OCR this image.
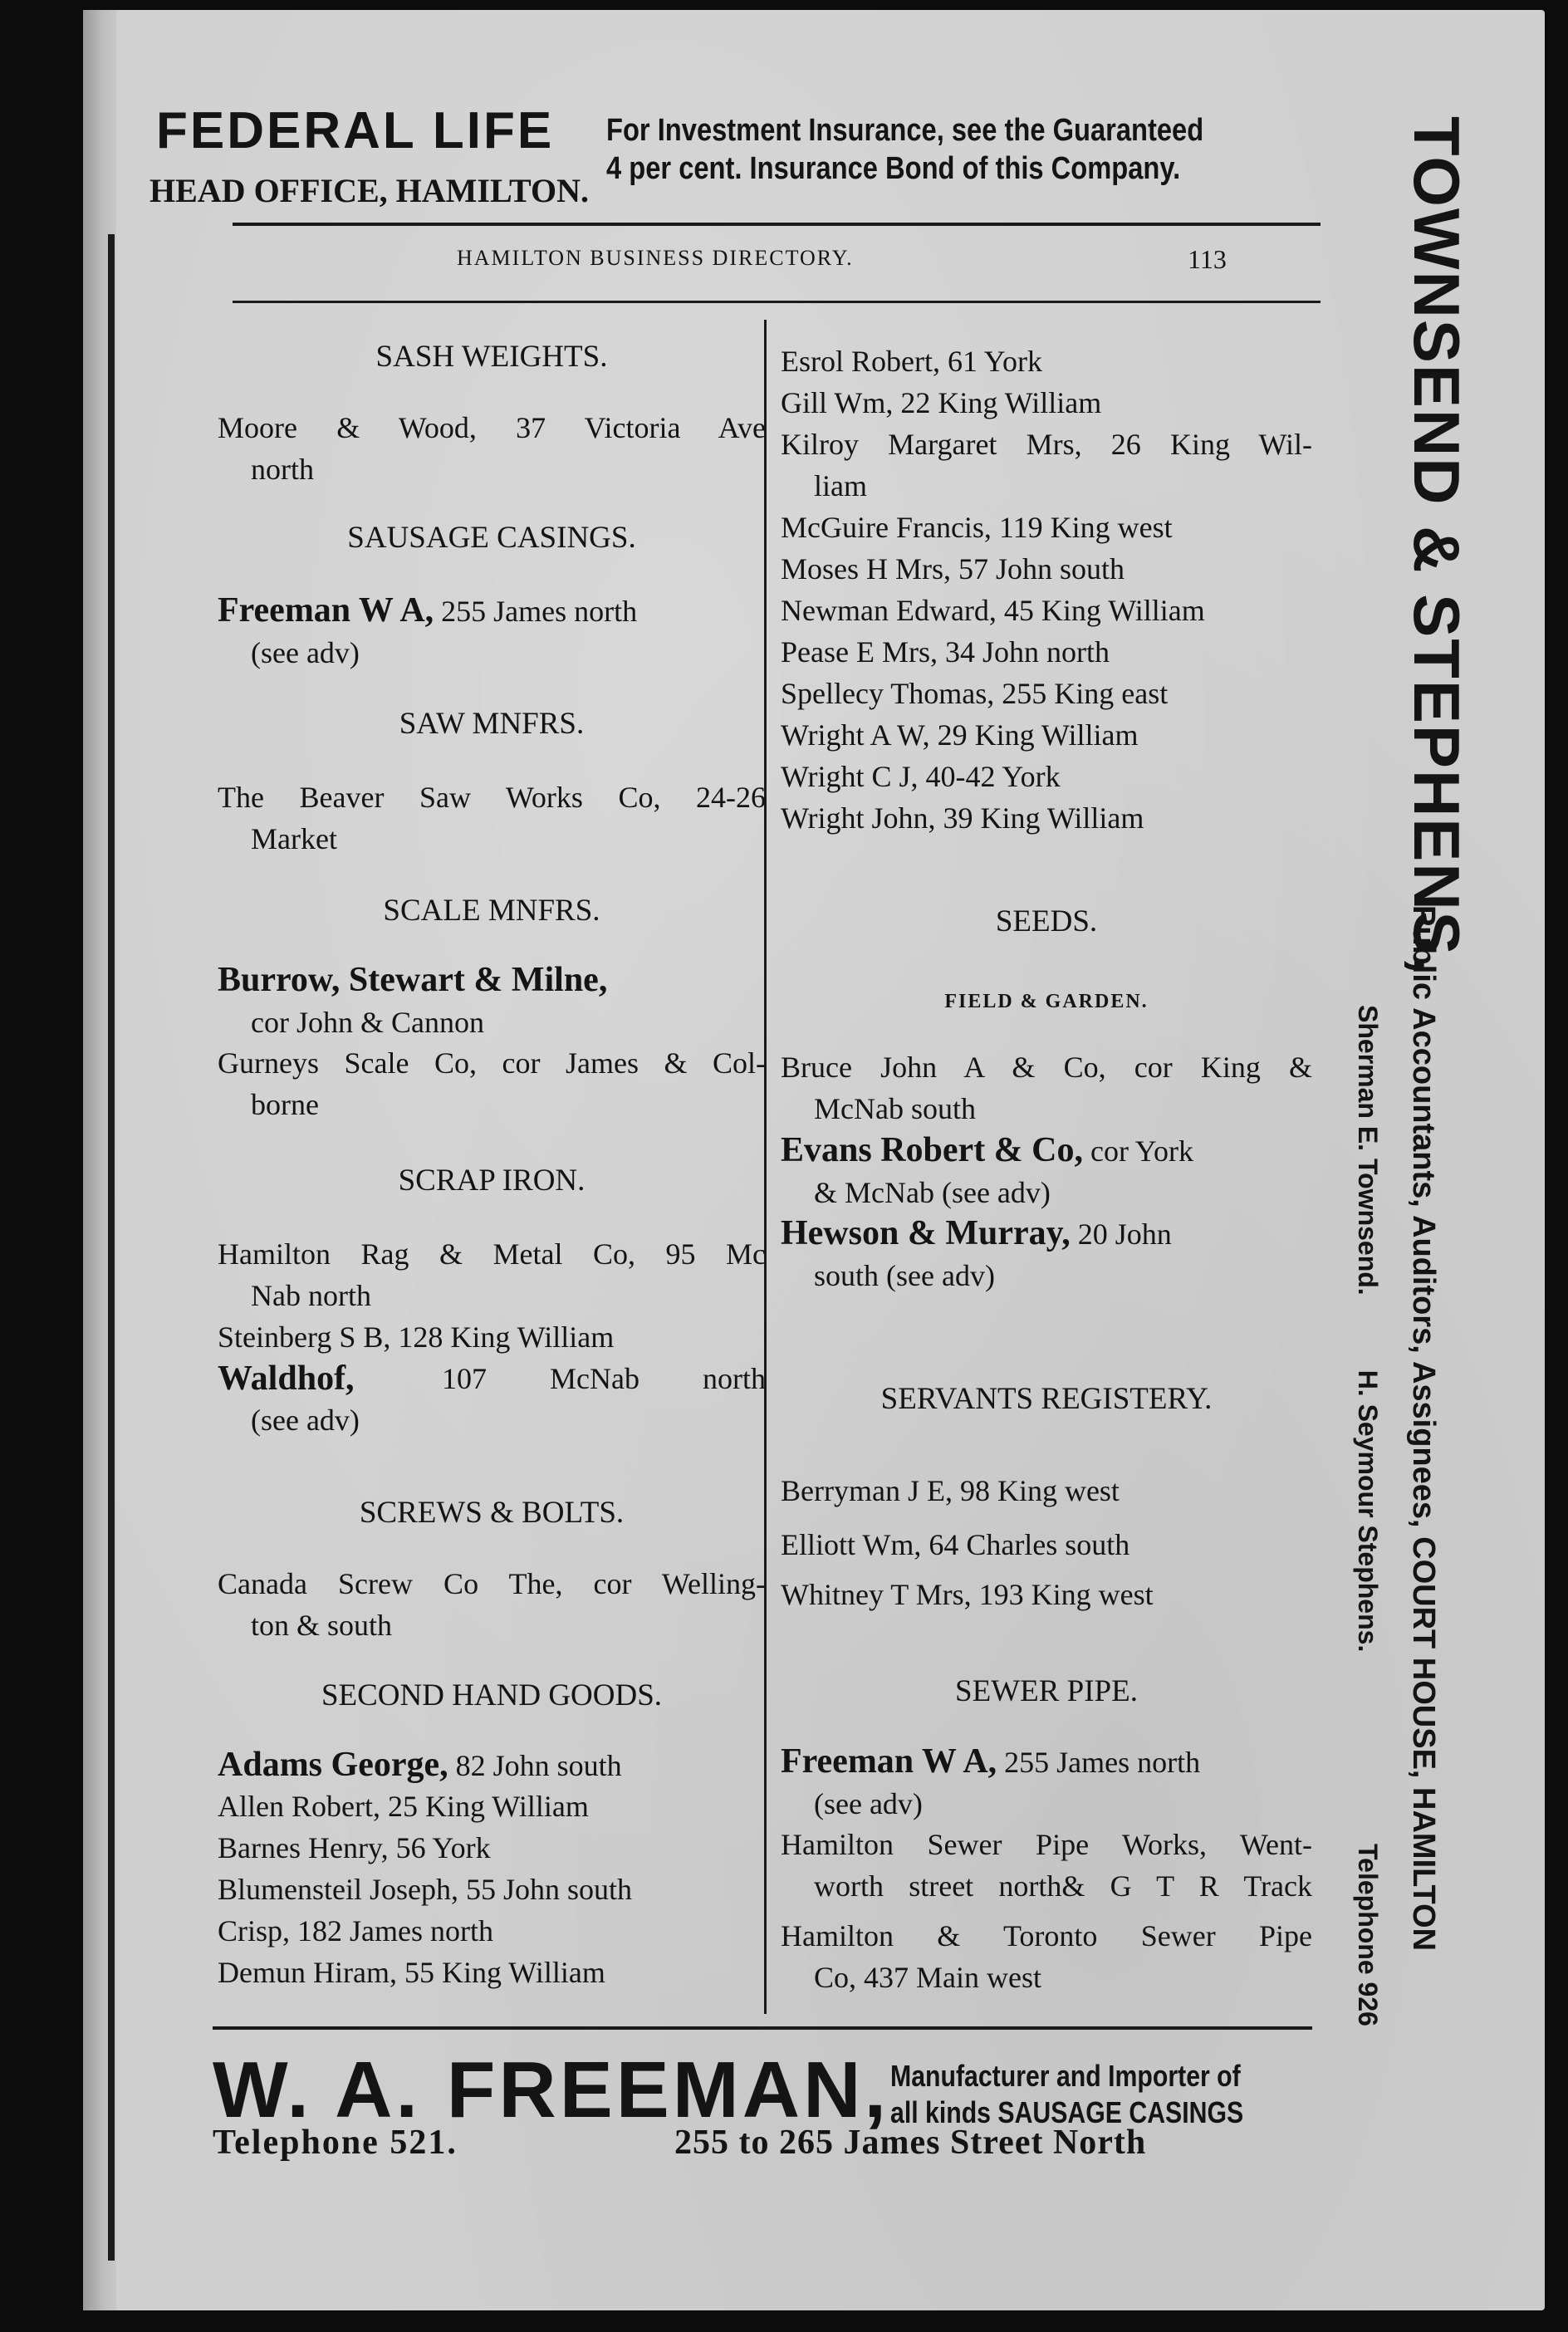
FEDERAL LIFE
HEAD OFFICE, HAMILTON.
For Investment Insurance, see the Guaranteed
4 per cent. Insurance Bond of this Company.
HAMILTON BUSINESS DIRECTORY.	113
SASH WEIGHTS.
Moore & Wood, 37 Victoria Ave
north
SAUSAGE CASINGS.
Freeman W A, 255 James north
(see adv)
SAW MNFRS.
The Beaver Saw Works Co, 24-26
Market
SCALE MNFRS.
Burrow, Stewart & Milne,
cor John & Cannon
Gurneys Scale Co, cor James & Col-
borne
SCRAP IRON.
Hamilton Rag & Metal Co, 95 Mc
Nab north
Steinberg S B, 128 King William
Waldhof,	107 McNab north
(see adv)
SCREWS & BOLTS.
Canada Screw Co The, cor Welling-
ton & south
SECOND HAND GOODS.
Adams George, 82 John south
Allen Robert, 25 King William
Barnes Henry, 56 York
Blumensteil Joseph, 55 John south
Crisp, 182 James north
Demun Hiram, 55 King William
Esrol Robert, 61 York
Gill Wm, 22 King William
Kilroy Margaret Mrs, 26 King Wil-
liam
McGuire Francis, 119 King west
Moses H Mrs, 57 John south
Newman Edward, 45 King William
Pease E Mrs, 34 John north
Spellecy Thomas, 255 King east
Wright A W, 29 King William
Wright C J, 40-42 York
Wright John, 39 King William
SEEDS.
FIELD & GARDEN.
Bruce John A & Co, cor King &
McNab south
Evans Robert & Co, cor York
& McNab (see adv)
Hewson & Murray, 20 John
south (see adv)
SERVANTS REGISTERY.
Berryman J E, 98 King west
Elliott Wm, 64 Charles south
Whitney T Mrs, 193 King west
SEWER PIPE.
Freeman W A, 255 James north
(see adv)
Hamilton Sewer Pipe Works, Went-
worth street north& G T R Track
Hamilton & Toronto Sewer Pipe
Co, 437 Main west
TOWNSEND & STEPHENS,
Public Accountants, Auditors, Assignees, COURT HOUSE, HAMILTON
Sherman E. Townsend.H. Seymour Stephens.
Telephone 926
W. A. FREEMAN, Manufacturer and Importer of
all kinds SAUSAGE CASINGS
Telephone 521.	255 to 265 James Street North
